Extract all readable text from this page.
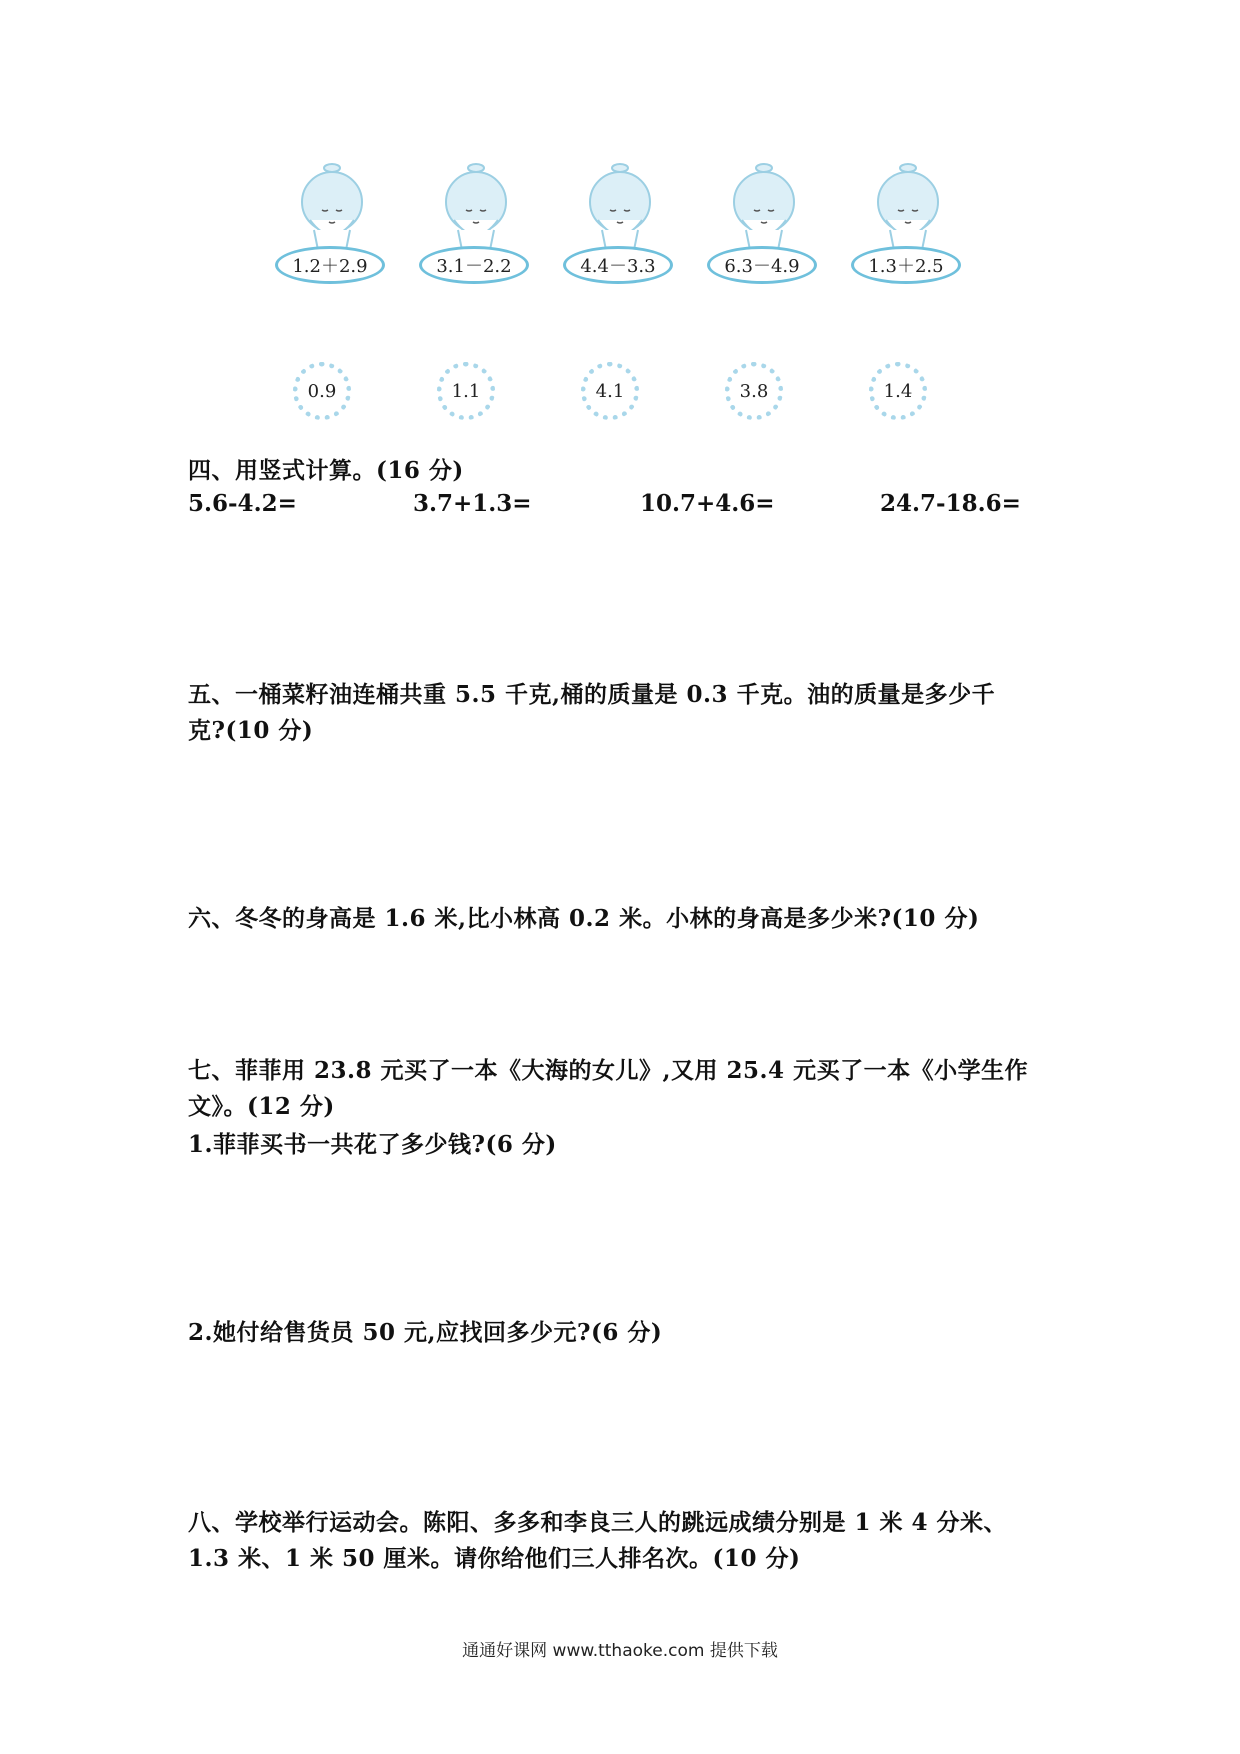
1.2＋2.9	3.1－2.2	4.4－3.3	6.3－4.9	1.3＋2.5
0.9	1.1	4.1	3.8	1.4
四、用竖式计算。(16 分)
5.6-4.2=	3.7+1.3=	10.7+4.6=	24.7-18.6=
五、一桶菜籽油连桶共重 5.5 千克,桶的质量是 0.3 千克。油的质量是多少千
克?(10 分)
六、冬冬的身高是 1.6 米,比小林高 0.2 米。小林的身高是多少米?(10 分)
七、菲菲用 23.8 元买了一本《大海的女儿》,又用 25.4 元买了一本《小学生作
文》。(12 分)
1.菲菲买书一共花了多少钱?(6 分)
2.她付给售货员 50 元,应找回多少元?(6 分)
八、学校举行运动会。陈阳、多多和李良三人的跳远成绩分别是 1 米 4 分米、
1.3 米、1 米 50 厘米。请你给他们三人排名次。(10 分)
通通好课网 www.tthaoke.com 提供下载
